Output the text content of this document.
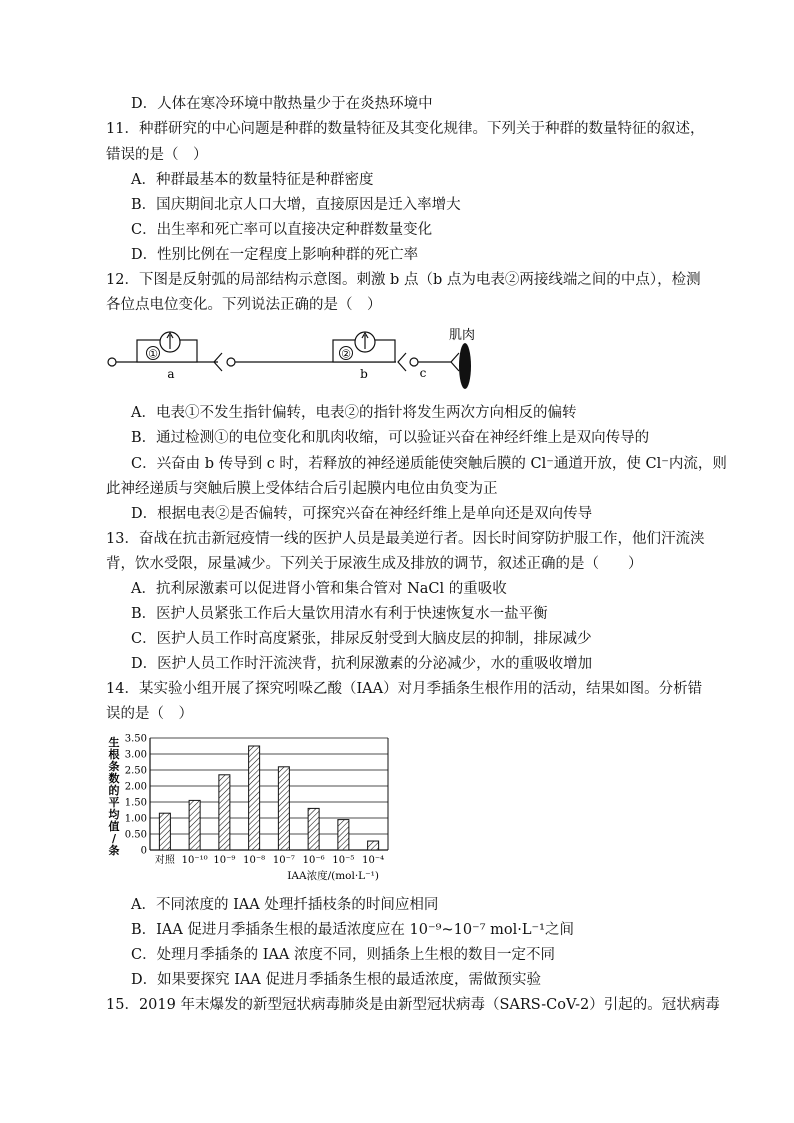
D．人体在寒冷环境中散热量少于在炎热环境中
11．种群研究的中心问题是种群的数量特征及其变化规律。下列关于种群的数量特征的叙述，
错误的是（　）
A．种群最基本的数量特征是种群密度
B．国庆期间北京人口大增，直接原因是迁入率增大
C．出生率和死亡率可以直接决定种群数量变化
D．性别比例在一定程度上影响种群的死亡率
12．下图是反射弧的局部结构示意图。刺激 b 点（b 点为电表②两接线端之间的中点），检测
各位点电位变化。下列说法正确的是（　）
①
a
②
b	c
肌肉
A．电表①不发生指针偏转，电表②的指针将发生两次方向相反的偏转
B．通过检测①的电位变化和肌肉收缩，可以验证兴奋在神经纤维上是双向传导的
C．兴奋由 b 传导到 c 时，若释放的神经递质能使突触后膜的 Cl⁻通道开放，使 Cl⁻内流，则
此神经递质与突触后膜上受体结合后引起膜内电位由负变为正
D．根据电表②是否偏转，可探究兴奋在神经纤维上是单向还是双向传导
13．奋战在抗击新冠疫情一线的医护人员是最美逆行者。因长时间穿防护服工作，他们汗流浃
背，饮水受限，尿量减少。下列关于尿液生成及排放的调节，叙述正确的是（　　）
A．抗利尿激素可以促进肾小管和集合管对 NaCl 的重吸收
B．医护人员紧张工作后大量饮用清水有利于快速恢复水一盐平衡
C．医护人员工作时高度紧张，排尿反射受到大脑皮层的抑制，排尿减少
D．医护人员工作时汗流浃背，抗利尿激素的分泌减少，水的重吸收增加
14．某实验小组开展了探究吲哚乙酸（IAA）对月季插条生根作用的活动，结果如图。分析错
误的是（　）
生
根
条
数
的
平
均
值
/
条 0
0.50
1.00
1.50
2.00
2.50
3.00
3.50
对照 10⁻¹⁰ 10⁻⁹ 10⁻⁸ 10⁻⁷ 10⁻⁶ 10⁻⁵ 10⁻⁴
IAA浓度/(mol·L⁻¹)
A．不同浓度的 IAA 处理扦插枝条的时间应相同
B．IAA 促进月季插条生根的最适浓度应在 10⁻⁹~10⁻⁷ mol·L⁻¹之间
C．处理月季插条的 IAA 浓度不同，则插条上生根的数目一定不同
D．如果要探究 IAA 促进月季插条生根的最适浓度，需做预实验
15．2019 年末爆发的新型冠状病毒肺炎是由新型冠状病毒（SARS-CoV-2）引起的。冠状病毒
